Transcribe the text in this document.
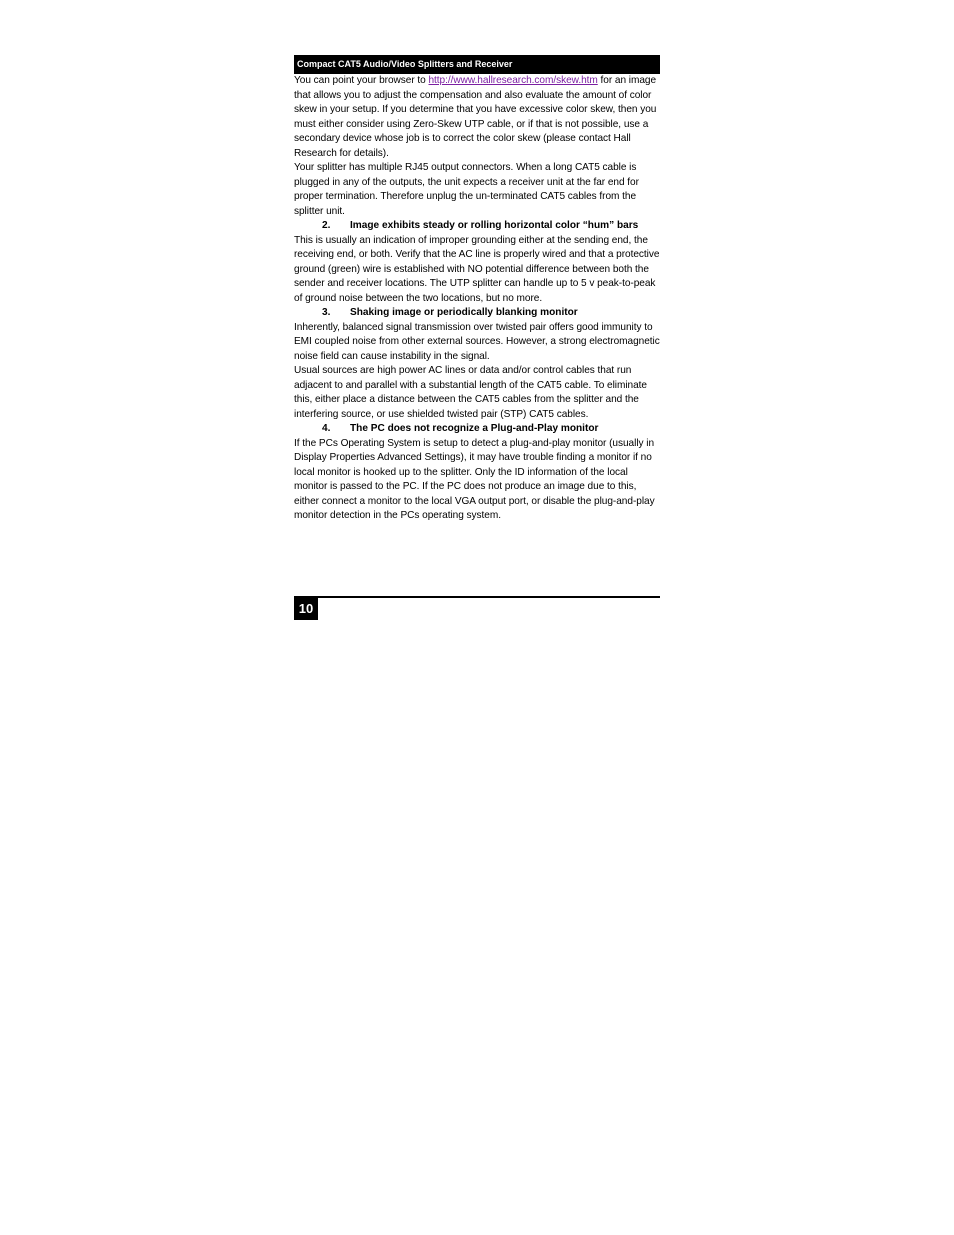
Compact CAT5 Audio/Video Splitters and Receiver

You can point your browser to http://www.hallresearch.com/skew.htm for an image that allows you to adjust the compensation and also evaluate the amount of color skew in your setup. If you determine that you have excessive color skew, then you must either consider using Zero-Skew UTP cable, or if that is not possible, use a secondary device whose job is to correct the color skew (please contact Hall Research for details).

Your splitter has multiple RJ45 output connectors. When a long CAT5 cable is plugged in any of the outputs, the unit expects a receiver unit at the far end for proper termination. Therefore unplug the un-terminated CAT5 cables from the splitter unit.

2.	Image exhibits steady or rolling horizontal color “hum” bars

This is usually an indication of improper grounding either at the sending end, the receiving end, or both. Verify that the AC line is properly wired and that a protective ground (green) wire is established with NO potential difference between both the sender and receiver locations. The UTP splitter can handle up to 5 v peak-to-peak of ground noise between the two locations, but no more.

3.	Shaking image or periodically blanking monitor

Inherently, balanced signal transmission over twisted pair offers good immunity to EMI coupled noise from other external sources. However, a strong electromagnetic noise field can cause instability in the signal.

Usual sources are high power AC lines or data and/or control cables that run adjacent to and parallel with a substantial length of the CAT5 cable. To eliminate this, either place a distance between the CAT5 cables from the splitter and the interfering source, or use shielded twisted pair (STP) CAT5 cables.

4.	The PC does not recognize a Plug-and-Play monitor

If the PCs Operating System is setup to detect a plug-and-play monitor (usually in Display Properties Advanced Settings), it may have trouble finding a monitor if no local monitor is hooked up to the splitter. Only the ID information of the local monitor is passed to the PC. If the PC does not produce an image due to this, either connect a monitor to the local VGA output port, or disable the plug-and-play monitor detection in the PCs operating system.

10
